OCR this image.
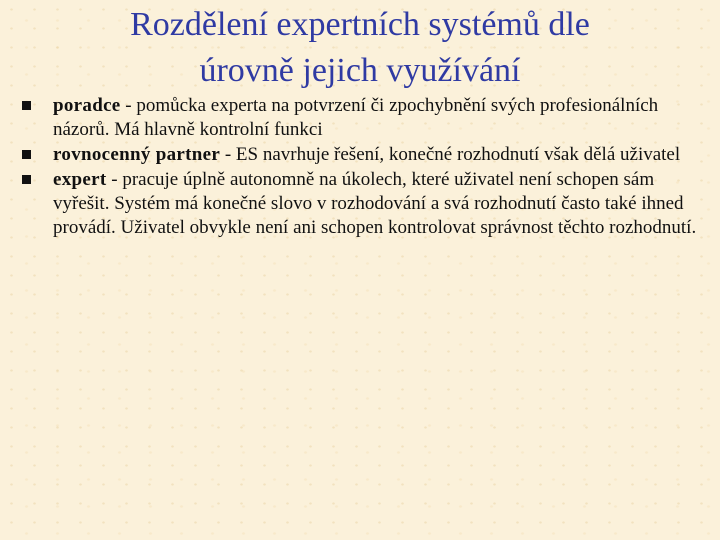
Rozdělení expertních systémů dle
úrovně jejich využívání
poradce - pomůcka experta na potvrzení či zpochybnění svých profesionálních názorů. Má hlavně kontrolní funkci
rovnocenný partner - ES navrhuje řešení, konečné rozhodnutí však dělá uživatel
expert - pracuje úplně autonomně na úkolech, které uživatel není schopen sám vyřešit. Systém má konečné slovo v rozhodování a svá rozhodnutí často také ihned provádí. Uživatel obvykle není ani schopen kontrolovat správnost těchto rozhodnutí.
